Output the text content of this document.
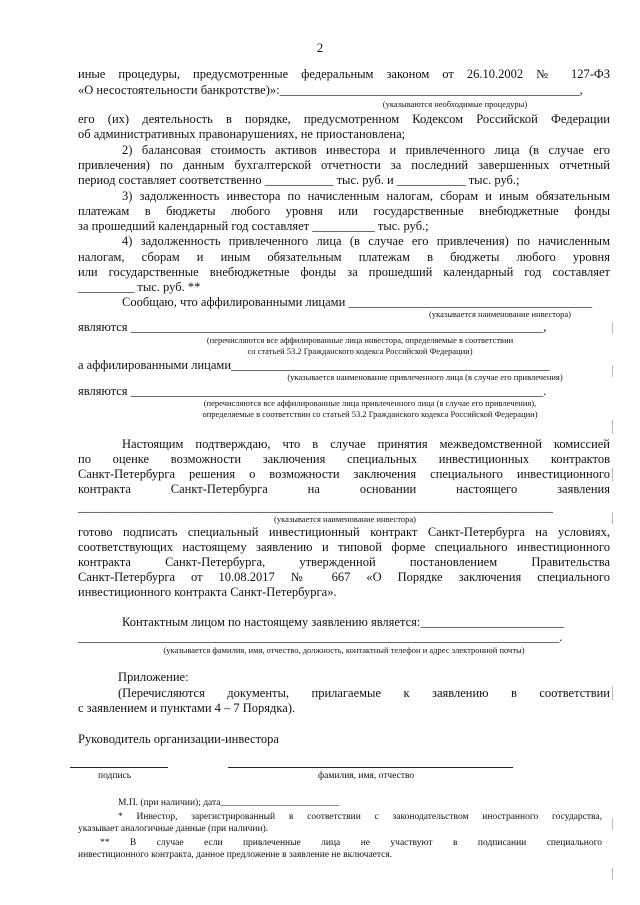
2
иные процедуры, предусмотренные федеральным законом от 26.10.2002 № 127-ФЗ
«О несостоятельности банкротстве)»:________________________________________________,
(указываются необходимые процедуры)
его (их) деятельность в порядке, предусмотренном Кодексом Российской Федерации
об административных правонарушениях, не приостановлена;
2) балансовая стоимость активов инвестора и привлеченного лица (в случае его
привлечения) по данным бухгалтерской отчетности за последний завершенных отчетный
период составляет соответственно ___________ тыс. руб. и ___________ тыс. руб.;
3) задолженность инвестора по начисленным налогам, сборам и иным обязательным
платежам в бюджеты любого уровня или государственные внебюджетные фонды
за прошедший календарный год составляет __________ тыс. руб.;
4) задолженность привлеченного лица (в случае его привлечения) по начисленным
налогам, сборам и иным обязательным платежам в бюджеты любого уровня
или государственные внебюджетные фонды за прошедший календарный год составляет
_________ тыс. руб. **
Сообщаю, что аффилированными лицами _______________________________________
(указывается наименование инвестора)
являются __________________________________________________________________,
(перечисляются все аффилированные лица инвестора, определяемые в соответствии
со статьей 53.2 Гражданского кодекса Российской Федерации)
а аффилированными лицами___________________________________________________
(указывается наименование привлеченного лица (в случае его привлечения)
являются __________________________________________________________________.
(перечисляются все аффилированные лица привлеченного лица (в случае его привлечения),
определяемые в соответствии со статьей 53.2 Гражданского кодекса Российской Федерации)
Настоящим подтверждаю, что в случае принятия межведомственной комиссией
по оценке возможности заключения специальных инвестиционных контрактов
Санкт-Петербурга решения о возможности заключения специального инвестиционного
контракта Санкт-Петербурга на основании настоящего заявления
____________________________________________________________________________
(указывается наименование инвестора)
готово подписать специальный инвестиционный контракт Санкт-Петербурга на условиях,
соответствующих настоящему заявлению и типовой форме специального инвестиционного
контракта Санкт-Петербурга, утвержденной постановлением Правительства
Санкт-Петербурга от 10.08.2017 № 667 «О Порядке заключения специального
инвестиционного контракта Санкт-Петербурга».
Контактным лицом по настоящему заявлению является:_______________________
_____________________________________________________________________________.
(указывается фамилия, имя, отчество, должность, контактный телефон и адрес электронной почты)
Приложение:
(Перечисляются документы, прилагаемые к заявлению в соответствии
с заявлением и пунктами 4 – 7 Порядка).
Руководитель организации-инвестора
подпись	фамилия, имя, отчество
М.П. (при наличии); дата_________________________
* Инвестор, зарегистрированный в соответствии с законодательством иностранного государства,
указывает аналогичные данные (при наличии).
** В случае если привлеченные лица не участвуют в подписании специального
инвестиционного контракта, данное предложение в заявление не включается.
